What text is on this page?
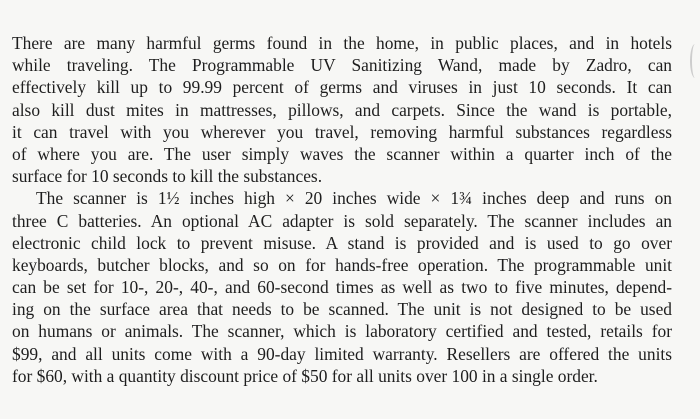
There are many harmful germs found in the home, in public places, and in hotels
while traveling. The Programmable UV Sanitizing Wand, made by Zadro, can
effectively kill up to 99.99 percent of germs and viruses in just 10 seconds. It can
also kill dust mites in mattresses, pillows, and carpets. Since the wand is portable,
it can travel with you wherever you travel, removing harmful substances regardless
of where you are. The user simply waves the scanner within a quarter inch of the
surface for 10 seconds to kill the substances.
The scanner is 1½ inches high × 20 inches wide × 1¾ inches deep and runs on
three C batteries. An optional AC adapter is sold separately. The scanner includes an
electronic child lock to prevent misuse. A stand is provided and is used to go over
keyboards, butcher blocks, and so on for hands-free operation. The programmable unit
can be set for 10-, 20-, 40-, and 60-second times as well as two to five minutes, depend-
ing on the surface area that needs to be scanned. The unit is not designed to be used
on humans or animals. The scanner, which is laboratory certified and tested, retails for
$99, and all units come with a 90-day limited warranty. Resellers are offered the units
for $60, with a quantity discount price of $50 for all units over 100 in a single order.
